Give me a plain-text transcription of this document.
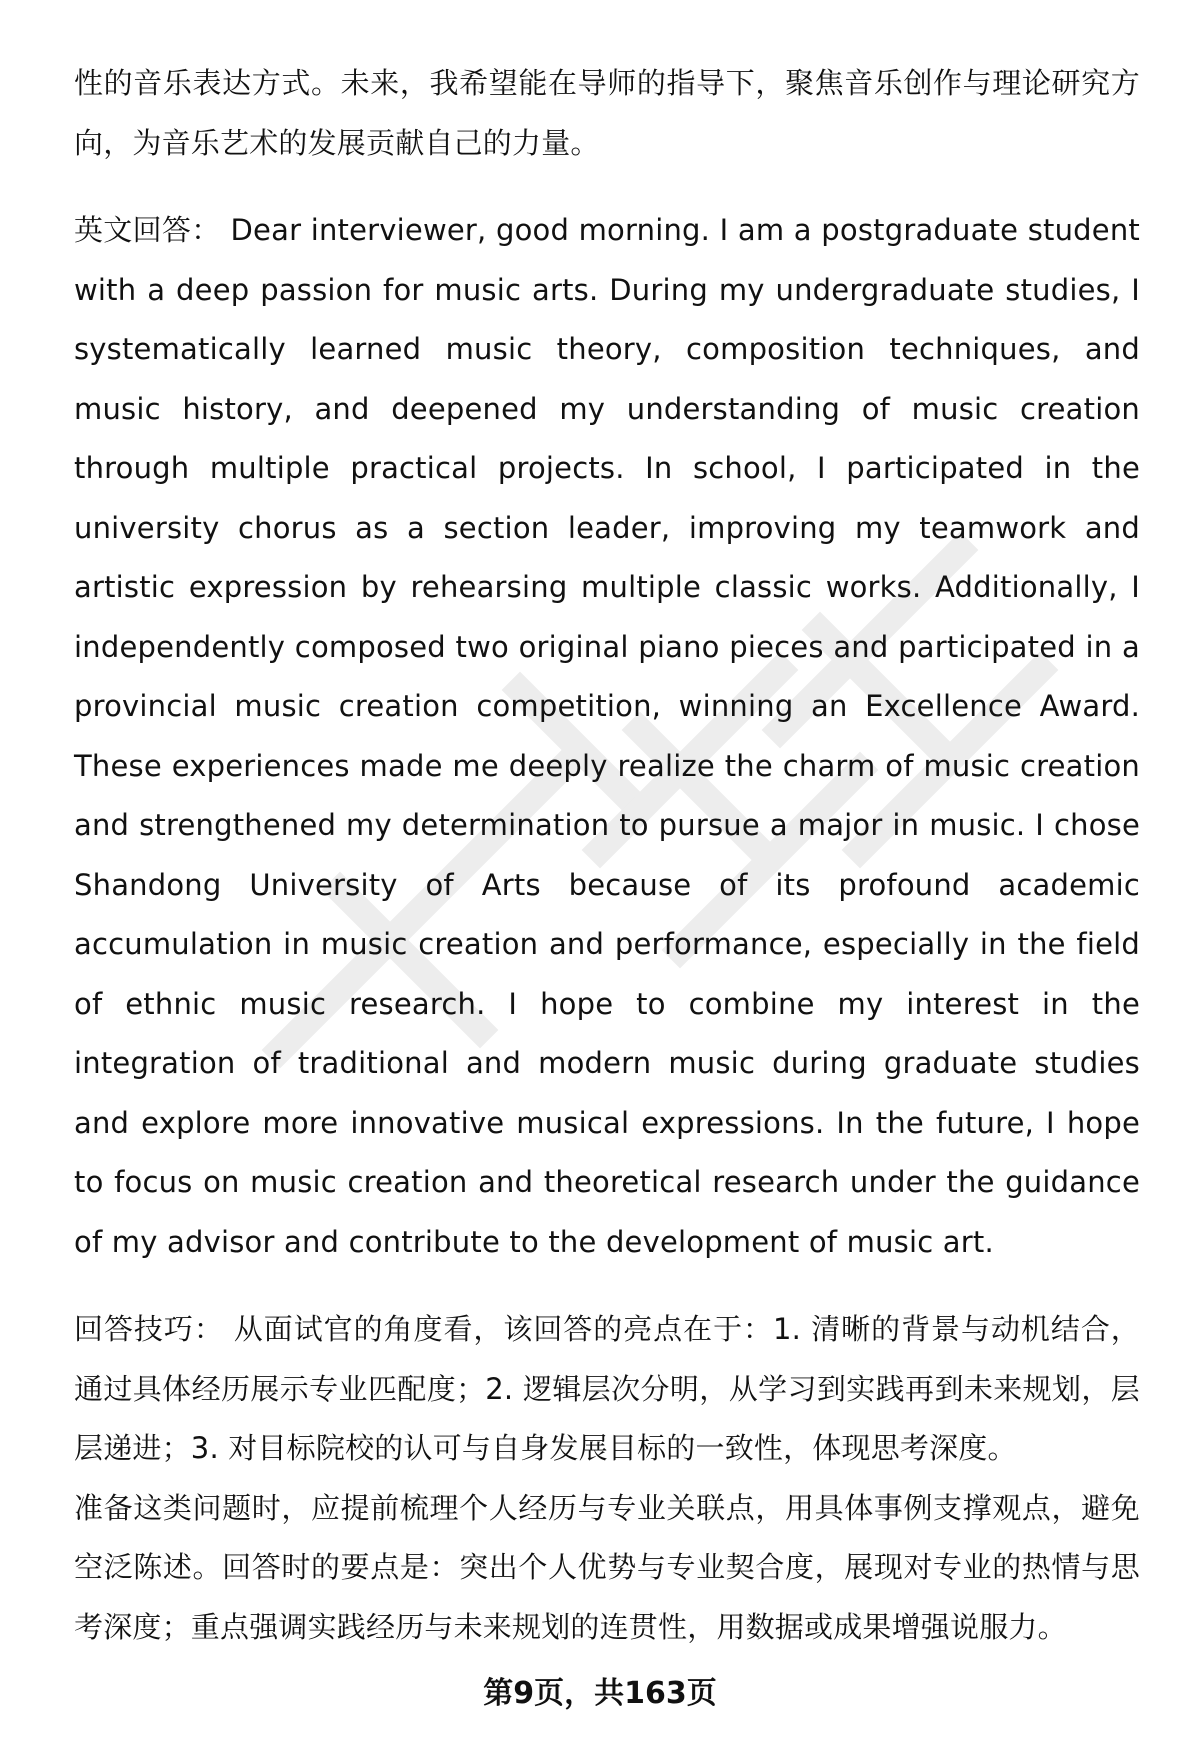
性的音乐表达方式。未来，我希望能在导师的指导下，聚焦音乐创作与理论研究方向，为音乐艺术的发展贡献自己的力量。

英文回答： Dear interviewer, good morning. I am a postgraduate student with a deep passion for music arts. During my undergraduate studies, I systematically learned music theory, composition techniques, and music history, and deepened my understanding of music creation through multiple practical projects. In school, I participated in the university chorus as a section leader, improving my teamwork and artistic expression by rehearsing multiple classic works. Additionally, I independently composed two original piano pieces and participated in a provincial music creation competition, winning an Excellence Award. These experiences made me deeply realize the charm of music creation and strengthened my determination to pursue a major in music. I chose Shandong University of Arts because of its profound academic accumulation in music creation and performance, especially in the field of ethnic music research. I hope to combine my interest in the integration of traditional and modern music during graduate studies and explore more innovative musical expressions. In the future, I hope to focus on music creation and theoretical research under the guidance of my advisor and contribute to the development of music art.

回答技巧： 从面试官的角度看，该回答的亮点在于：1. 清晰的背景与动机结合，通过具体经历展示专业匹配度；2. 逻辑层次分明，从学习到实践再到未来规划，层层递进；3. 对目标院校的认可与自身发展目标的一致性，体现思考深度。

准备这类问题时，应提前梳理个人经历与专业关联点，用具体事例支撑观点，避免空泛陈述。回答时的要点是：突出个人优势与专业契合度，展现对专业的热情与思考深度；重点强调实践经历与未来规划的连贯性，用数据或成果增强说服力。

第9页，共163页
